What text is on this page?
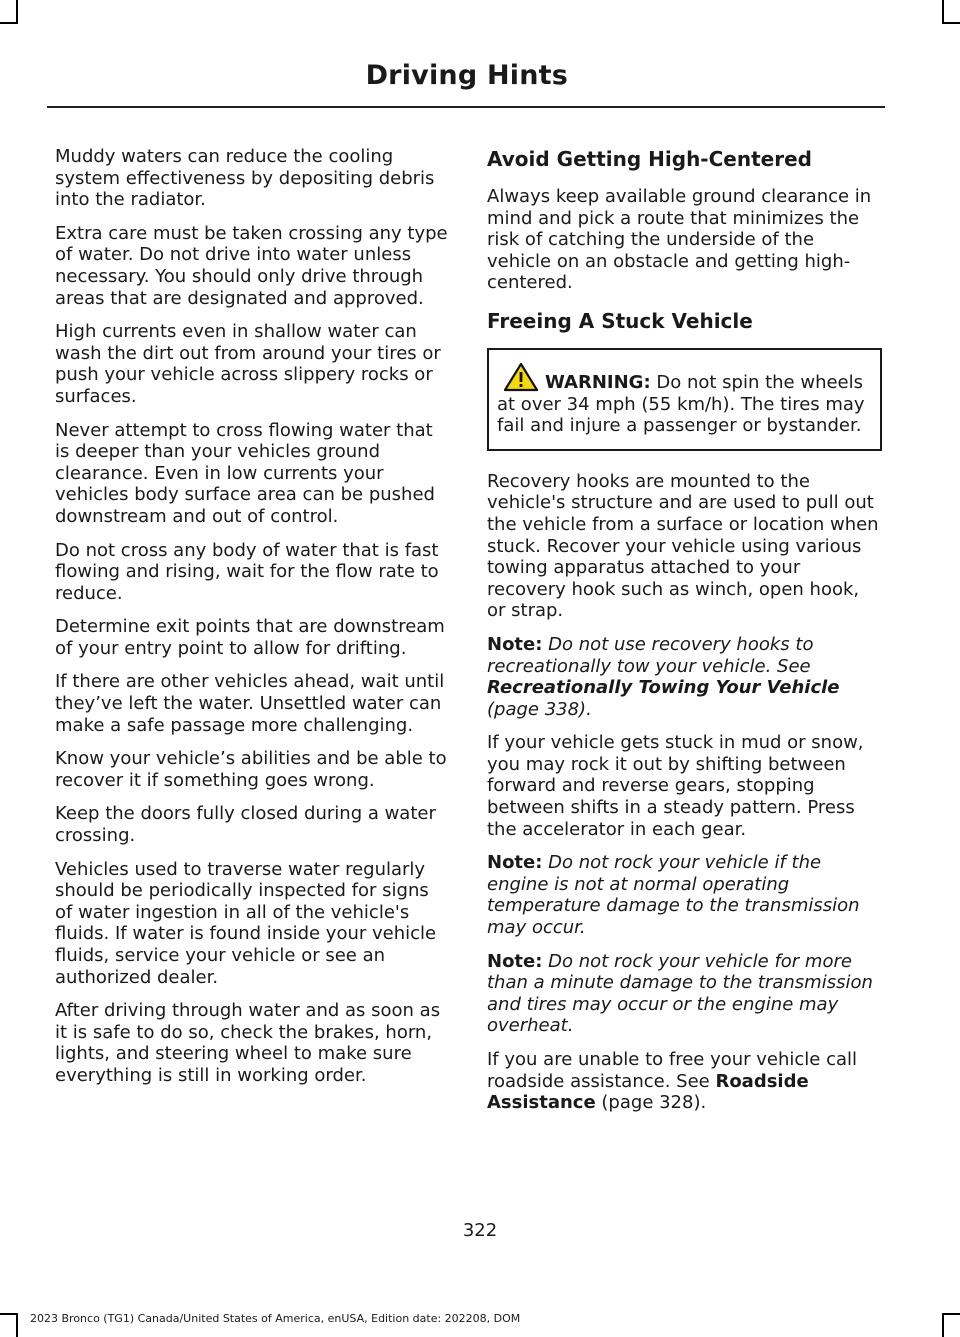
Driving Hints

Muddy waters can reduce the cooling system effectiveness by depositing debris into the radiator.

Extra care must be taken crossing any type of water. Do not drive into water unless necessary. You should only drive through areas that are designated and approved.

High currents even in shallow water can wash the dirt out from around your tires or push your vehicle across slippery rocks or surfaces.

Never attempt to cross flowing water that is deeper than your vehicles ground clearance. Even in low currents your vehicles body surface area can be pushed downstream and out of control.

Do not cross any body of water that is fast flowing and rising, wait for the flow rate to reduce.

Determine exit points that are downstream of your entry point to allow for drifting.

If there are other vehicles ahead, wait until they’ve left the water. Unsettled water can make a safe passage more challenging.

Know your vehicle’s abilities and be able to recover it if something goes wrong.

Keep the doors fully closed during a water crossing.

Vehicles used to traverse water regularly should be periodically inspected for signs of water ingestion in all of the vehicle's fluids. If water is found inside your vehicle fluids, service your vehicle or see an authorized dealer.

After driving through water and as soon as it is safe to do so, check the brakes, horn, lights, and steering wheel to make sure everything is still in working order.

Avoid Getting High-Centered

Always keep available ground clearance in mind and pick a route that minimizes the risk of catching the underside of the vehicle on an obstacle and getting high-centered.

Freeing A Stuck Vehicle
WARNING: Do not spin the wheels at over 34 mph (55 km/h). The tires may fail and injure a passenger or bystander.

Recovery hooks are mounted to the vehicle's structure and are used to pull out the vehicle from a surface or location when stuck. Recover your vehicle using various towing apparatus attached to your recovery hook such as winch, open hook, or strap.

Note: Do not use recovery hooks to recreationally tow your vehicle. See Recreationally Towing Your Vehicle (page 338).

If your vehicle gets stuck in mud or snow, you may rock it out by shifting between forward and reverse gears, stopping between shifts in a steady pattern. Press the accelerator in each gear.

Note: Do not rock your vehicle if the engine is not at normal operating temperature damage to the transmission may occur.

Note: Do not rock your vehicle for more than a minute damage to the transmission and tires may occur or the engine may overheat.

If you are unable to free your vehicle call roadside assistance. See Roadside Assistance (page 328).

322
2023 Bronco (TG1) Canada/United States of America, enUSA, Edition date: 202208, DOM
